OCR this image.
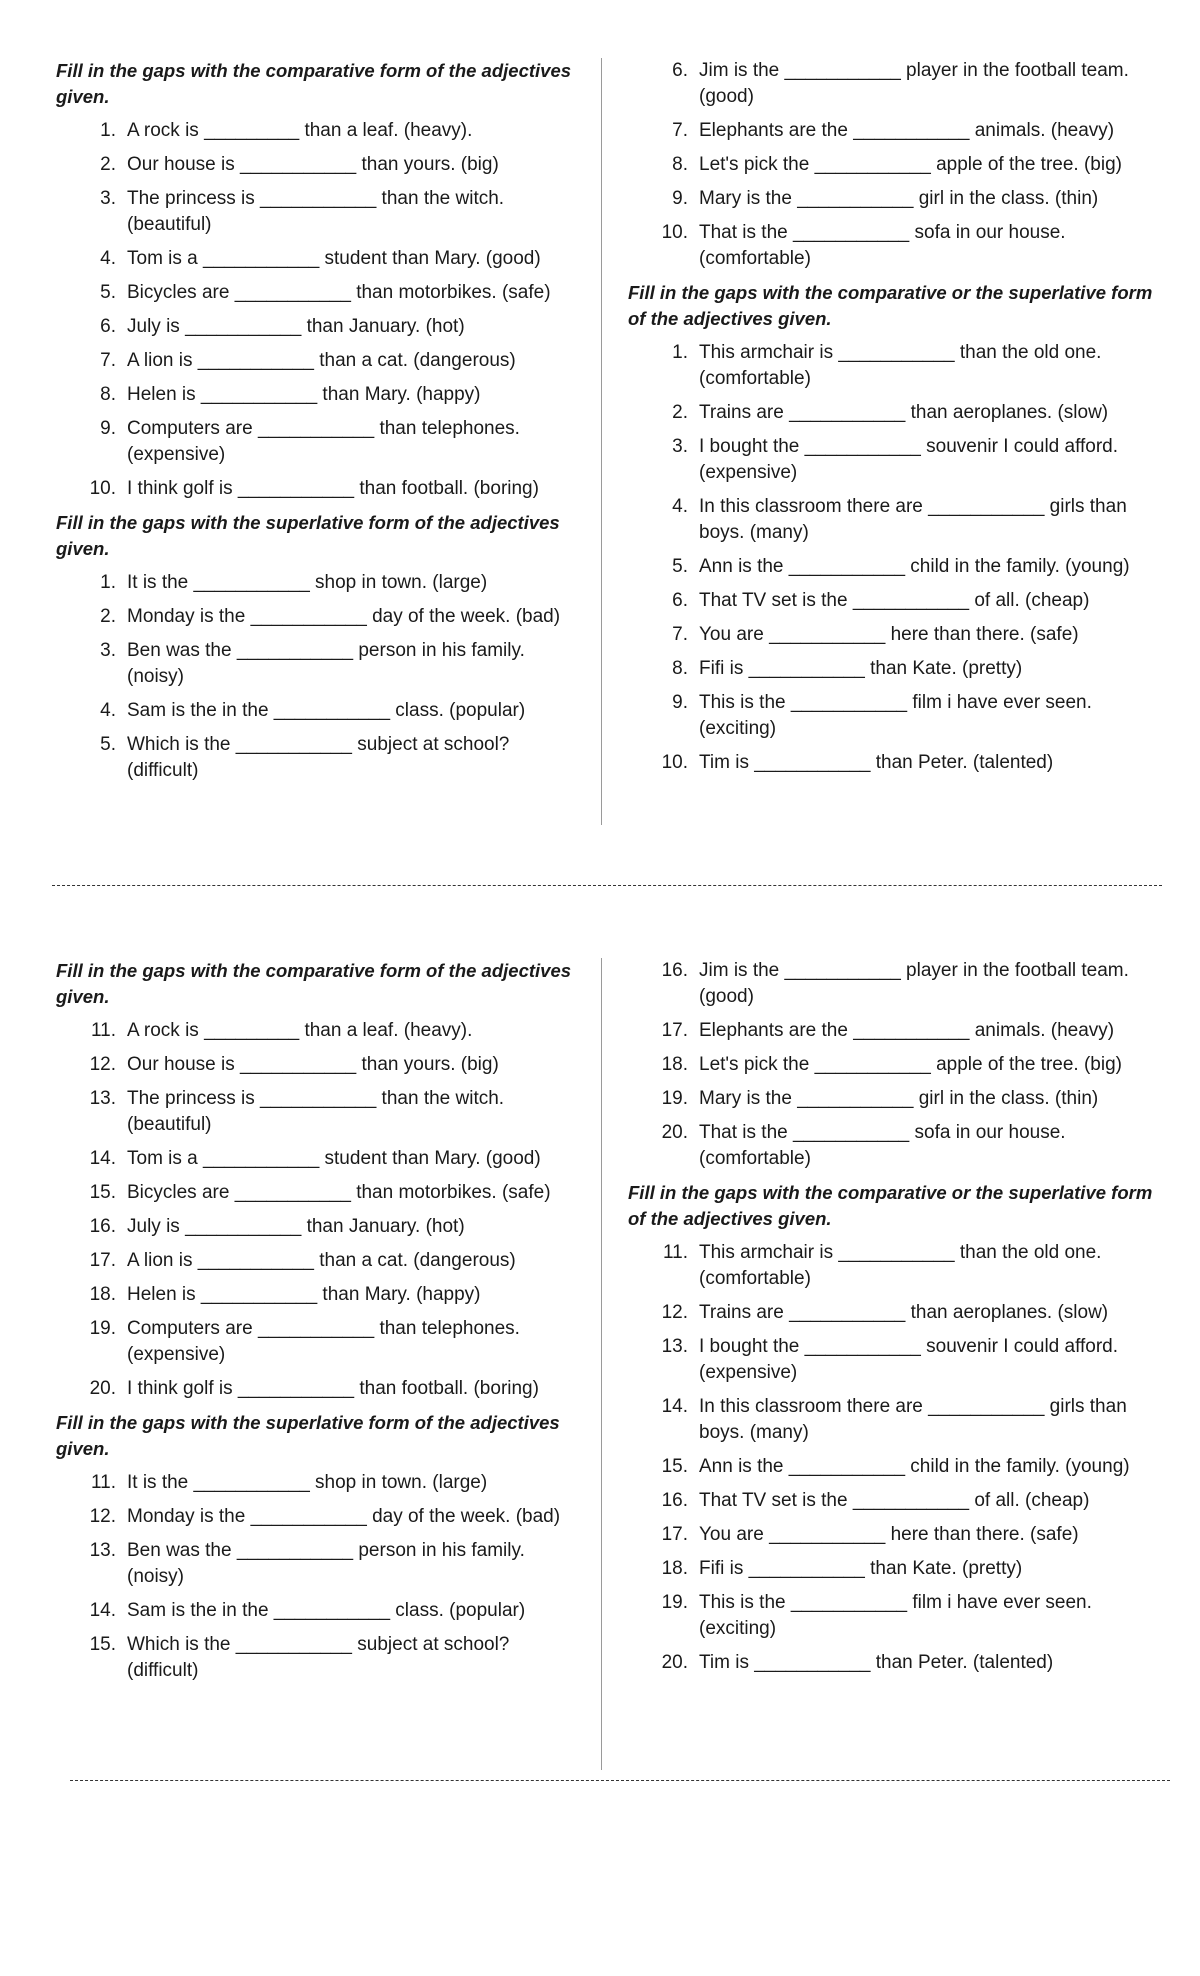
Fill in the gaps with the comparative form of the adjectives given.
1. A rock is _________ than a leaf. (heavy).
2. Our house is ___________ than yours. (big)
3. The princess is ___________ than the witch. (beautiful)
4. Tom is a ___________ student than Mary. (good)
5. Bicycles are ___________ than motorbikes. (safe)
6. July is ___________ than January. (hot)
7. A lion is ___________ than a cat. (dangerous)
8. Helen is ___________ than Mary. (happy)
9. Computers are ___________ than telephones. (expensive)
10. I think golf is ___________ than football. (boring)
Fill in the gaps with the superlative form of the adjectives given.
1. It is the ___________ shop in town. (large)
2. Monday is the ___________ day of the week. (bad)
3. Ben was the ___________ person in his family. (noisy)
4. Sam is the in the ___________ class. (popular)
5. Which is the ___________ subject at school? (difficult)
6. Jim is the ___________ player in the football team. (good)
7. Elephants are the ___________ animals. (heavy)
8. Let's pick the ___________ apple of the tree. (big)
9. Mary is the ___________ girl in the class. (thin)
10. That is the ___________ sofa in our house. (comfortable)
Fill in the gaps with the comparative or the superlative form of the adjectives given.
1. This armchair is ___________ than the old one. (comfortable)
2. Trains are ___________ than aeroplanes. (slow)
3. I bought the ___________ souvenir I could afford. (expensive)
4. In this classroom there are ___________ girls than boys. (many)
5. Ann is the ___________ child in the family. (young)
6. That TV set is the ___________ of all. (cheap)
7. You are ___________ here than there. (safe)
8. Fifi is ___________ than Kate. (pretty)
9. This is the ___________ film i have ever seen. (exciting)
10. Tim is ___________ than Peter. (talented)
Fill in the gaps with the comparative form of the adjectives given.
11. A rock is _________ than a leaf. (heavy).
12. Our house is ___________ than yours. (big)
13. The princess is ___________ than the witch. (beautiful)
14. Tom is a ___________ student than Mary. (good)
15. Bicycles are ___________ than motorbikes. (safe)
16. July is ___________ than January. (hot)
17. A lion is ___________ than a cat. (dangerous)
18. Helen is ___________ than Mary. (happy)
19. Computers are ___________ than telephones. (expensive)
20. I think golf is ___________ than football. (boring)
Fill in the gaps with the superlative form of the adjectives given.
11. It is the ___________ shop in town. (large)
12. Monday is the ___________ day of the week. (bad)
13. Ben was the ___________ person in his family. (noisy)
14. Sam is the in the ___________ class. (popular)
15. Which is the ___________ subject at school? (difficult)
16. Jim is the ___________ player in the football team. (good)
17. Elephants are the ___________ animals. (heavy)
18. Let's pick the ___________ apple of the tree. (big)
19. Mary is the ___________ girl in the class. (thin)
20. That is the ___________ sofa in our house. (comfortable)
Fill in the gaps with the comparative or the superlative form of the adjectives given.
11. This armchair is ___________ than the old one. (comfortable)
12. Trains are ___________ than aeroplanes. (slow)
13. I bought the ___________ souvenir I could afford. (expensive)
14. In this classroom there are ___________ girls than boys. (many)
15. Ann is the ___________ child in the family. (young)
16. That TV set is the ___________ of all. (cheap)
17. You are ___________ here than there. (safe)
18. Fifi is ___________ than Kate. (pretty)
19. This is the ___________ film i have ever seen. (exciting)
20. Tim is ___________ than Peter. (talented)
